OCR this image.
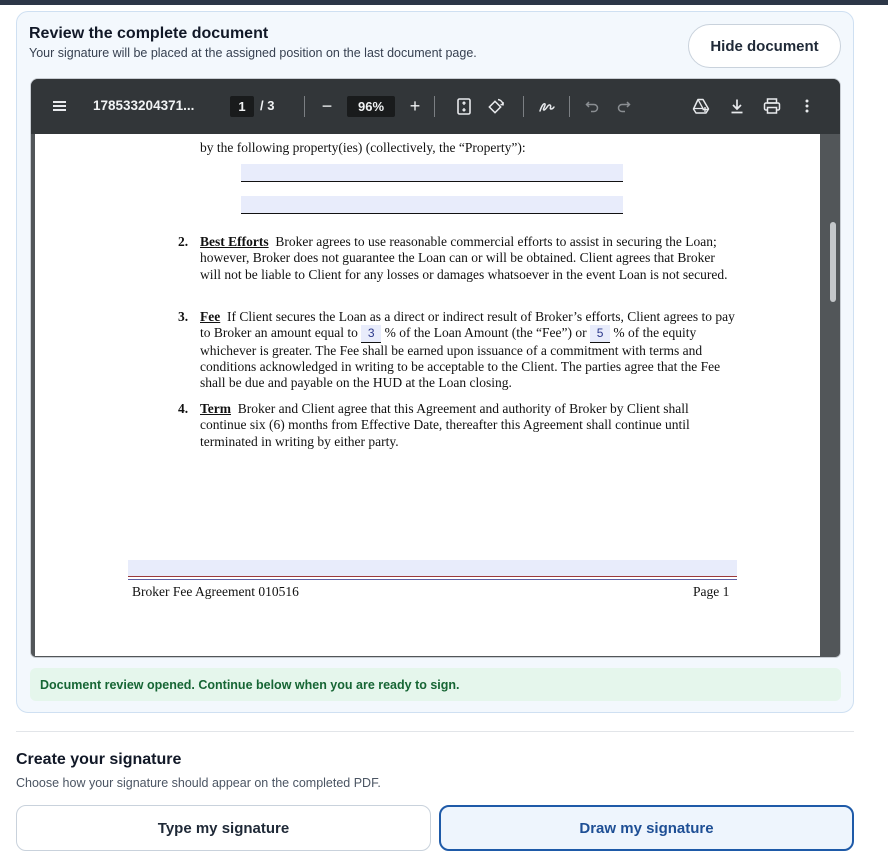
Review the complete document
Your signature will be placed at the assigned position on the last document page.	Hide document
178533204371...	1	/ 3	−	96%	+
by the following property(ies) (collectively, the “Property”):
2. Best Efforts Broker agrees to use reasonable commercial efforts to assist in securing the Loan; however, Broker does not guarantee the Loan can or will be obtained. Client agrees that Broker will not be liable to Client for any losses or damages whatsoever in the event Loan is not secured.
3. Fee If Client secures the Loan as a direct or indirect result of Broker’s efforts, Client agrees to pay to Broker an amount equal to 3 % of the Loan Amount (the “Fee”) or 5 % of the equity whichever is greater. The Fee shall be earned upon issuance of a commitment with terms and conditions acknowledged in writing to be acceptable to the Client. The parties agree that the Fee shall be due and payable on the HUD at the Loan closing.
4. Term Broker and Client agree that this Agreement and authority of Broker by Client shall continue six (6) months from Effective Date, thereafter this Agreement shall continue until terminated in writing by either party.
Broker Fee Agreement 010516	Page 1
Document review opened. Continue below when you are ready to sign.
Create your signature
Choose how your signature should appear on the completed PDF.
Type my signature	Draw my signature
